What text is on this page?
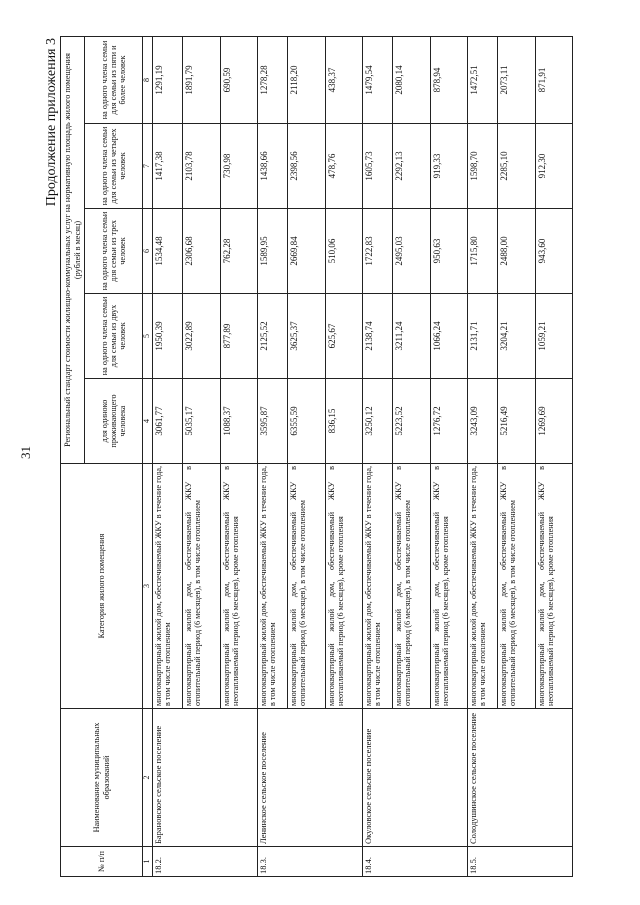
31
Продолжение приложения 3
№ п/п	Наименование муниципальных образований	Категория жилого помещения	Региональный стандарт стоимости жилищно-коммунальных услуг на нормативную площадь жилого помещения (рублей в месяц)				
			для одиноко проживающего человека	на одного члена семьи для семьи из двух человек	на одного члена семьи для семьи из трех человек	на одного члена семьи для семьи из четырех человек	на одного члена семьи для семьи из пяти и более человек
1	2	3	4	5	6	7	8
18.2.	Барановское сельское поселение	многоквартирный жилой дом, обеспечиваемый ЖКУ в течение года, в том числе отоплением	3061,77	1950,39	1534,48	1417,38	1291,19
		многоквартирный жилой дом, обеспечиваемый ЖКУ в отопительный период (6 месяцев), в том числе отоплением	5035,17	3022,89	2306,68	2103,78	1891,79
		многоквартирный жилой дом, обеспечиваемый ЖКУ в неотапливаемый период (6 месяцев), кроме отопления	1088,37	877,89	762,28	730,98	690,59
18.3.	Ленинское сельское поселение	многоквартирный жилой дом, обеспечиваемый ЖКУ в течение года, в том числе отоплением	3595,87	2125,52	1589,95	1438,66	1278,28
		многоквартирный жилой дом, обеспечиваемый ЖКУ в отопительный период (6 месяцев), в том числе отоплением	6355,59	3625,37	2669,84	2398,56	2118,20
		многоквартирный жилой дом, обеспечиваемый ЖКУ в неотапливаемый период (6 месяцев), кроме отопления	836,15	625,67	510,06	478,76	438,37
18.4.	Окуловское сельское поселение	многоквартирный жилой дом, обеспечиваемый ЖКУ в течение года, в том числе отоплением	3250,12	2138,74	1722,83	1605,73	1479,54
		многоквартирный жилой дом, обеспечиваемый ЖКУ в отопительный период (6 месяцев), в том числе отоплением	5223,52	3211,24	2495,03	2292,13	2080,14
		многоквартирный жилой дом, обеспечиваемый ЖКУ в неотапливаемый период (6 месяцев), кроме отопления	1276,72	1066,24	950,63	919,33	878,94
18.5.	Солодушинское сельское поселение	многоквартирный жилой дом, обеспечиваемый ЖКУ в течение года, в том числе отоплением	3243,09	2131,71	1715,80	1598,70	1472,51
		многоквартирный жилой дом, обеспечиваемый ЖКУ в отопительный период (6 месяцев), в том числе отоплением	5216,49	3204,21	2488,00	2285,10	2073,11
		многоквартирный жилой дом, обеспечиваемый ЖКУ в неотапливаемый период (6 месяцев), кроме отопления	1269,69	1059,21	943,60	912,30	871,91
